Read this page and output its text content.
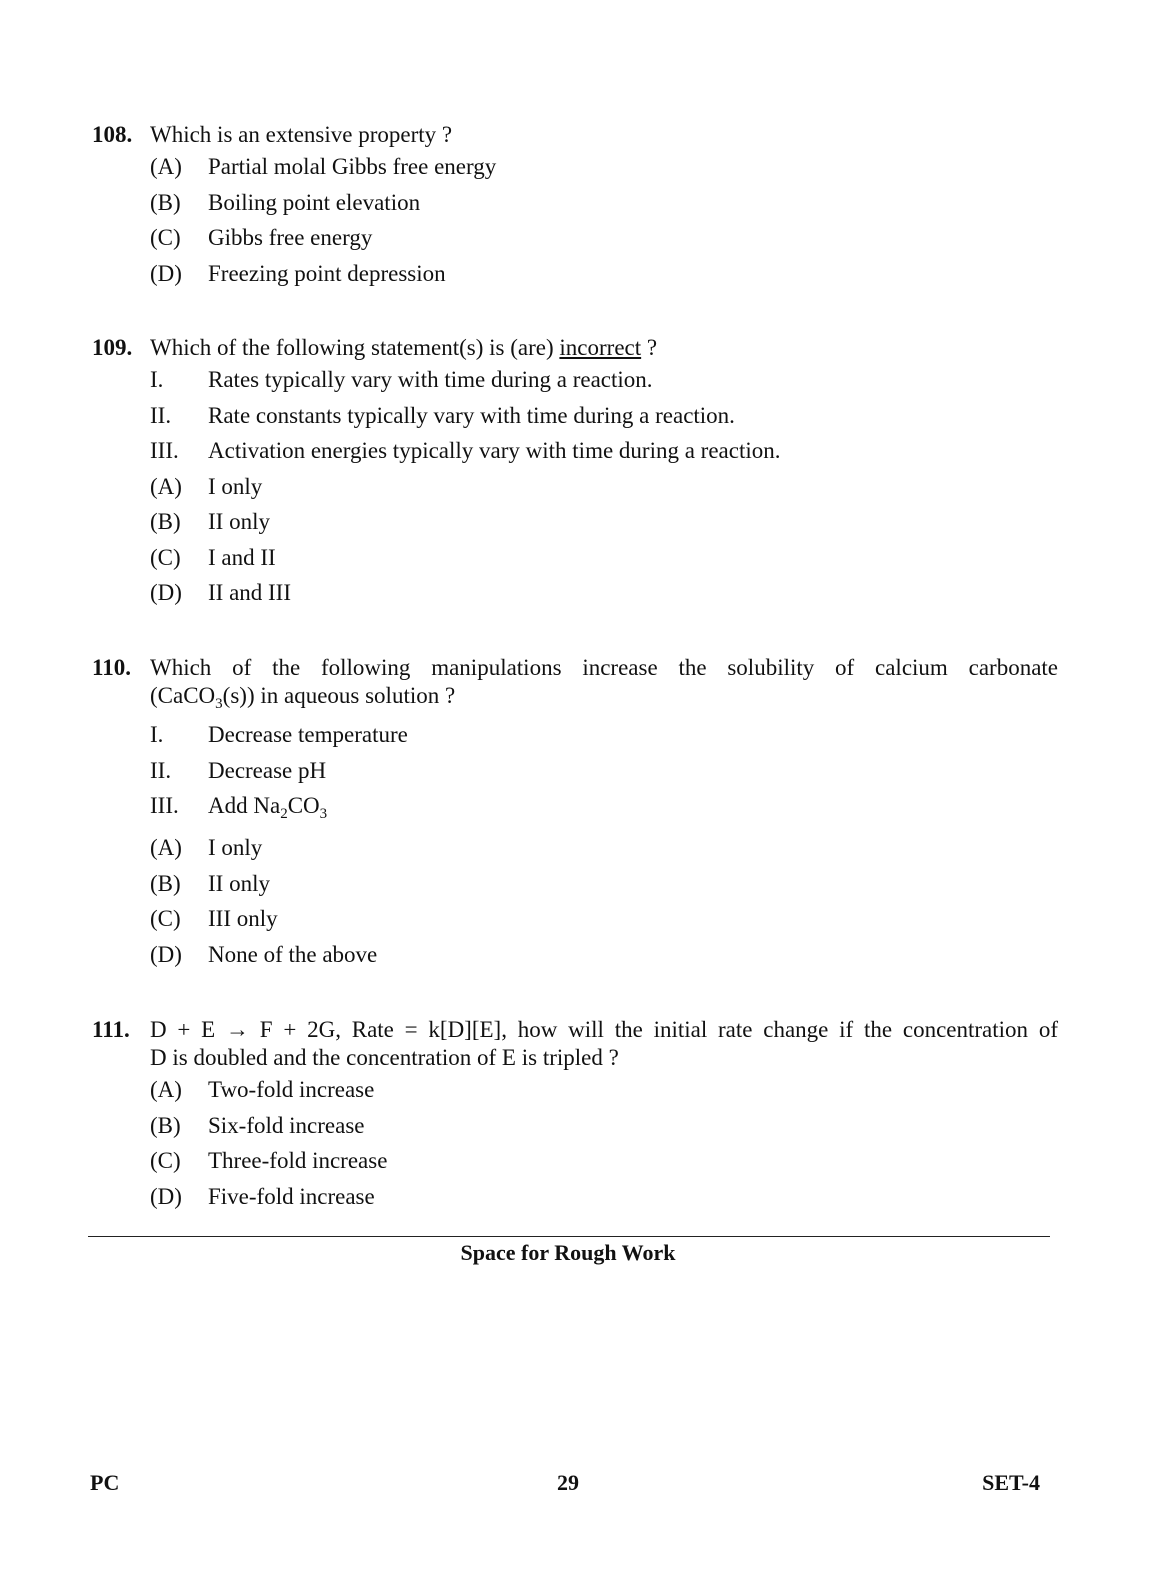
108. Which is an extensive property ?
(A)	Partial molal Gibbs free energy
(B)	Boiling point elevation
(C)	Gibbs free energy
(D)	Freezing point depression
109. Which of the following statement(s) is (are) incorrect ?
I.	Rates typically vary with time during a reaction.
II.	Rate constants typically vary with time during a reaction.
III.	Activation energies typically vary with time during a reaction.
(A)	I only
(B)	II only
(C)	I and II
(D)	II and III
110. Which of the following manipulations increase the solubility of calcium carbonate
(CaCO$_3$(s)) in aqueous solution ?
I.	Decrease temperature
II.	Decrease pH
III.	Add $Na_2CO_3$
(A)	I only
(B)	II only
(C)	III only
(D)	None of the above
111. D + E → F + 2G, Rate = k[D][E], how will the initial rate change if the concentration of
D is doubled and the concentration of E is tripled ?
(A)	Two-fold increase
(B)	Six-fold increase
(C)	Three-fold increase
(D)	Five-fold increase
Space for Rough Work
PC	29	SET-4
